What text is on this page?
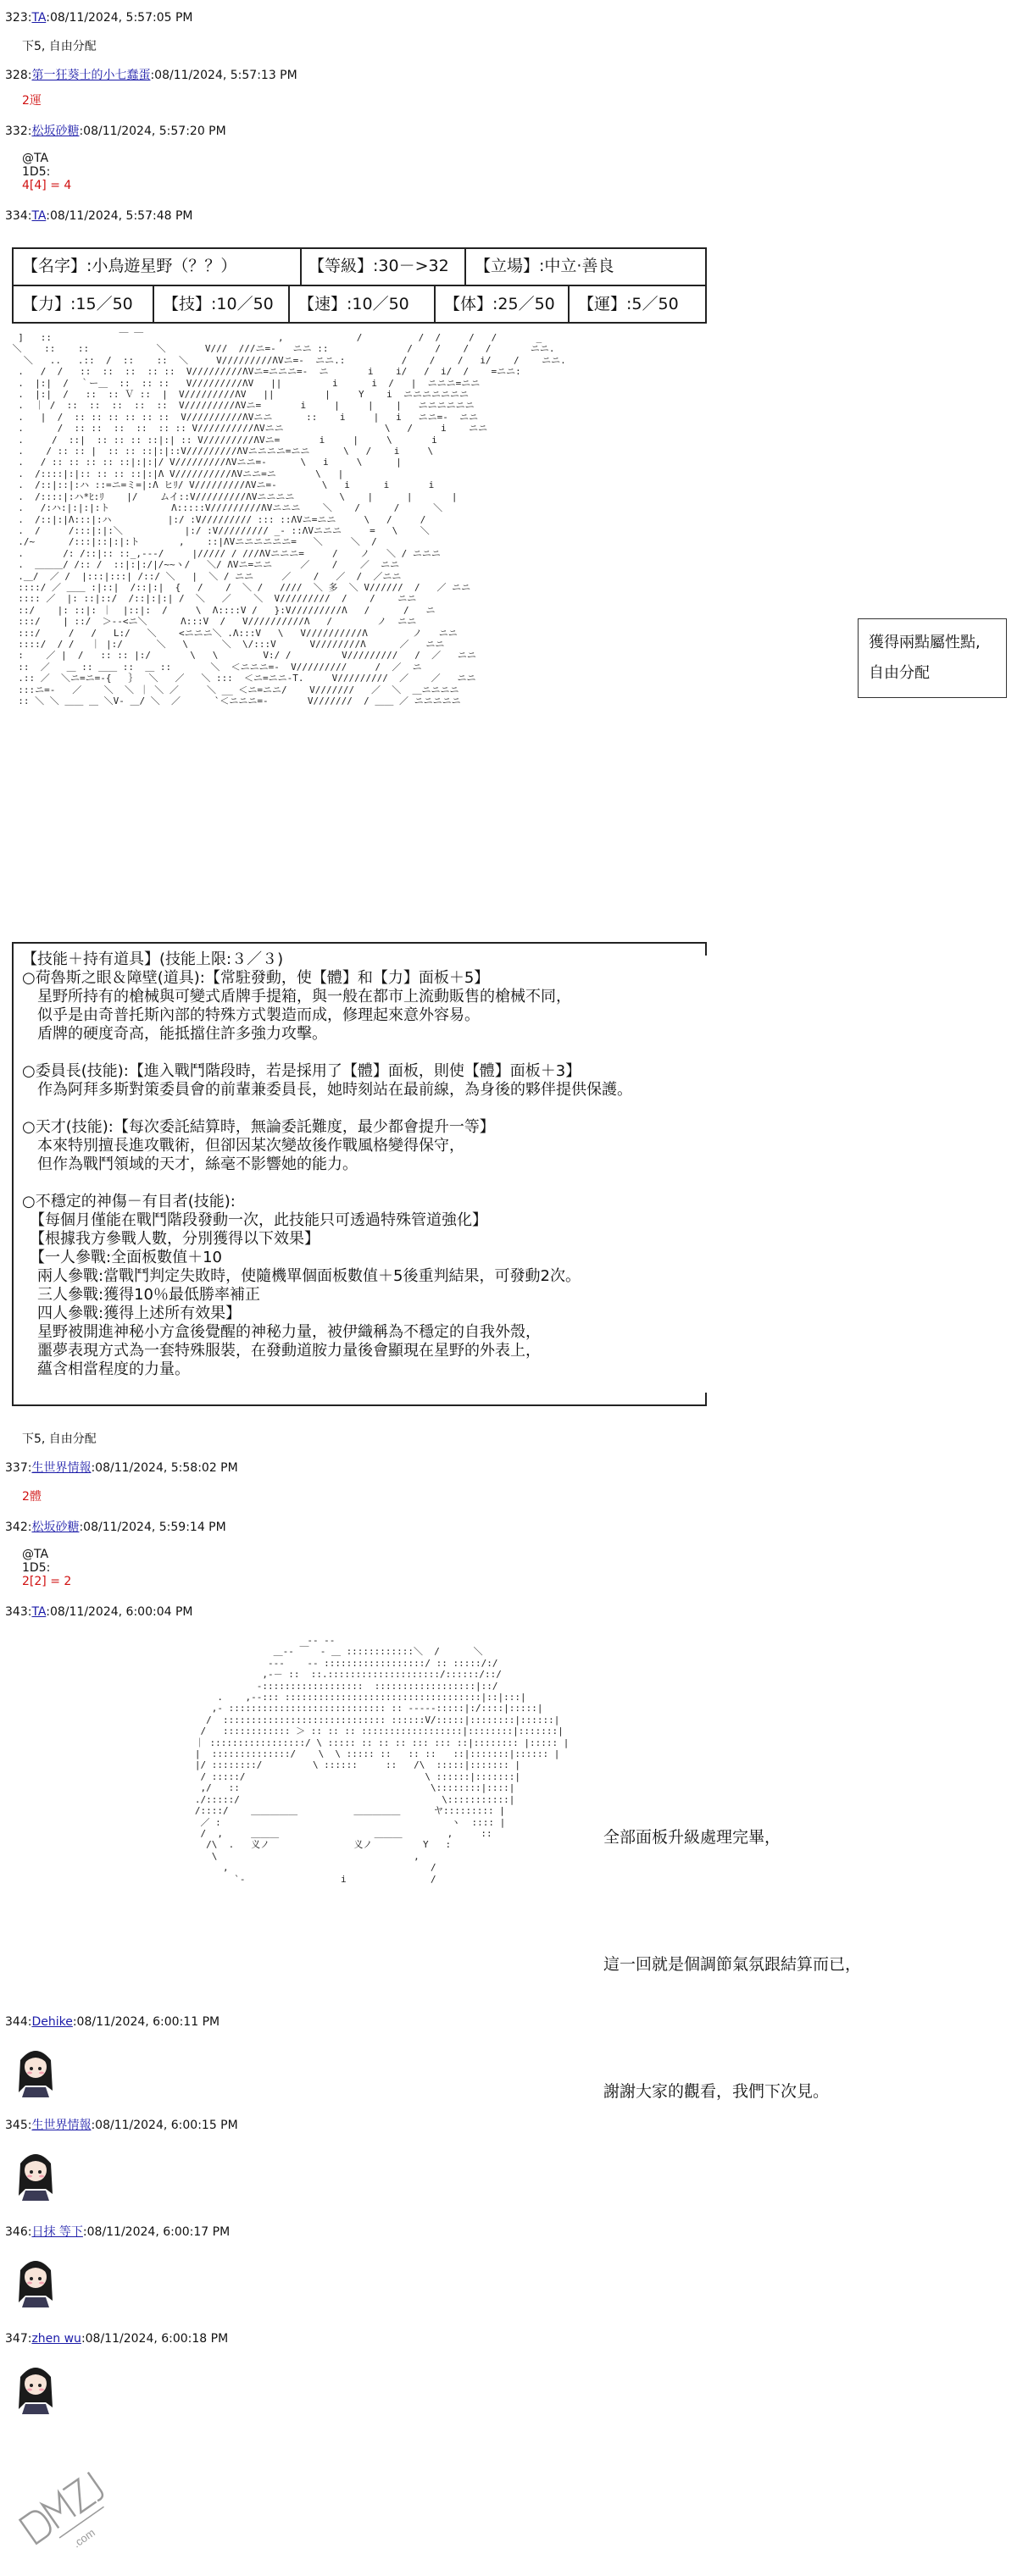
323:TA:08/11/2024, 5:57:05 PM
下5, 自由分配
328:第一狂葵士的小七蠢蛋:08/11/2024, 5:57:13 PM
2運
332:松坂砂糖:08/11/2024, 5:57:20 PM
@TA
1D5:
4[4] = 4
334:TA:08/11/2024, 5:57:48 PM
【名字】:小鳥遊星野（？？）	【等級】:30－>32 【立場】:中立‧善良
【力】:15／50 【技】:10／50 【速】:10／50 【体】:25／50 【運】:5／50
]   ::            ￣ ￣                        ,             /          /  /     /   /       _
＼    ::    ::            ＼       V///  ///ニ=-   ニニ ::              /    /    /   /       ニニ.
＼   ..   .::  /  ::    ::  ＼     V/////////ΛVニ=-  ニニ.:          /    /    /   i/    /    ニニ.
.   /  /   ::  ::  ::  :: ::  V/////////ΛVニ=ニニニ=-  ニ       i    i/   /  i/  /    =ニニ:
.  |:|  /  ｀ー＿  ::  :: ::   V/////////ΛV   ||         i      i  /   |  ニニニ=ニニ
.  |:|  /   ::  :: Ｖ ::  |  V/////////ΛV   ||         |     Y    i  ニニニニニニニ
.  ｜ /  ::  ::  ::  ::  ::  V/////////ΛVニ=       i     |     |    |   ニニニニニニ
.   |  /  :: :: :: :: :: ::  V//////////ΛVニニ      ::    i     |   i   ニニ=-  ニニ
.      /  :: ::  ::  ::  :: :: V//////////ΛVニニ                  \   /     i    ニニ
.     /  ::|  :: :: :: ::|:| :: V/////////ΛVニ=       i     |     \       i
.    / :: :: |  :: :: ::|:|::V/////////ΛVニニニニ=ニニ      \   /    i     \
.   / :: :: :: :: ::|:|:|/ V/////////ΛVニニ=-      \   i     \      |
.  /::::|:|:: :: :: ::|:|Λ V//////////ΛVニニ=ニ       \   |
.  /::|::|:ハ ::=ニ=ミ=|:Λ ヒﾘ/ V/////////ΛVニ=-        \   i      i       i
.  /::::|:ハ*ﾋ:ﾘ    |/    ムイ::V/////////ΛVニニニニ        \    |      |       |
.   /:ハ:|:|:|:ト           Λ:::::V/////////ΛVニニニ    ＼    /      /      ＼
.  /::|:|Λ:::|:ハ          |:/ :V///////// ::: ::ΛVニ=ニニ     \   /     /
.  /     /:::|:|:＼           |:/ :V///////// _- ::ΛVニニニ     =   \    ＼
./~      /:::|::|:|:ト       ,    ::|ΛVニニニニニニ=   ＼     ＼  /
.       /: /::|:: ::_,-‐‐/     |///// / ///ΛVニニニ=     /    ノ   ＼ / ニニニ
.  ＿＿＿/ /:: /  ::|:|:/|/~~ヽ/   ＼/ ΛVニ=ニニ     ／    /    ／  ニニ
.＿/  ／ /  |:::|:::| /::/ ＼   |  ＼ / ニニ     ／    /   ／  /  ／ニニ
::::/ ／ ＿＿ :|::|  /::|:|  {   /    /  ＼ /   ////  ＼ 多  ＼ V//////  /   ／ ニニ
:::: ／  |: ::|::/  /::|:|:| /  ＼   ／    ＼  V/////////  /    /    ニニ
::/    |: ::|: ｜  |::|:  /     \  Λ::::V /   }:V/////////Λ   /      /   ニ
:::/    | ::/  ＞‐‐<ニ＼      Λ:::V  /   V//////////Λ   /        ノ  ニニ
:::/     /   /   L:/   ＼    <ニニニ＼ .Λ:::V   \   V//////////Λ        ノ   ニニ
::::/  / /   ｜ |:/      ＼   \      ＼  \/:::V      V////////Λ      ／   ニニ
:    ／ |  /   :: :: |:/       \   \        V:/ /         V/////////   /  ／   ニニ
::  ／   ＿ :: ＿＿ ::  ＿ ::       ＼  ＜ニニニ=-  V/////////     /  ／  ニ
.:: ／  ＼ニ=ニ=-{   ｝  ＼   ／   ＼ :::  ＜ニ=ニニ-T.     V/////////  ／    ／   ニニ
:::ニ=-   ／    ＼  ＼ ｜ ＼ ／     ＼ __ ＜ニ=ニニ/    V///////   ／  ＼  ＿ニニニニ
:: ＼ ＼ ＿＿ ＿ ＼V‐ ＿/ ＼  ／      `＜ニニニ=-       V///////  / ＿＿ ／ ニニニニニ

獲得兩點屬性點,
自由分配
【技能＋持有道具】(技能上限:３／３)
○荷魯斯之眼＆障壁(道具):【常駐發動，使【體】和【力】面板＋5】
　星野所持有的槍械與可變式盾牌手提箱，與一般在都市上流動販售的槍械不同，
　似乎是由奇普托斯內部的特殊方式製造而成，修理起來意外容易。
　盾牌的硬度奇高，能抵擋住許多強力攻擊。

○委員長(技能):【進入戰鬥階段時，若是採用了【體】面板，則使【體】面板＋3】
　作為阿拜多斯對策委員會的前輩兼委員長，她時刻站在最前線，為身後的夥伴提供保護。

○天才(技能):【每次委託結算時，無論委託難度，最少都會提升一等】
　本來特別擅長進攻戰術，但卻因某次變故後作戰風格變得保守，
　但作為戰鬥領域的天才，絲毫不影響她的能力。

○不穩定的神傷－有目者(技能):
　【每個月僅能在戰鬥階段發動一次，此技能只可透過特殊管道強化】
　【根據我方參戰人數，分別獲得以下效果】
　【一人參戰:全面板數值＋10
　兩人參戰:當戰鬥判定失敗時，使隨機單個面板數值＋5後重判結果，可發動2次。
　三人參戰:獲得10％最低勝率補正
　四人參戰:獲得上述所有效果】
　星野被開進神秘小方盒後覺醒的神秘力量，被伊織稱為不穩定的自我外殼，
　噩夢表現方式為一套特殊服裝，在發動道胺力量後會顯現在星野的外表上，
　蘊含相當程度的力量。
下5, 自由分配
337:生世界情報:08/11/2024, 5:58:02 PM
2體
342:松坂砂糖:08/11/2024, 5:59:14 PM
@TA
1D5:
2[2] = 2
343:TA:08/11/2024, 6:00:04 PM
-- --
＿-‐ ￣  ‐ ＿ ::::::::::::＼  /      ＼
‐‐‐    -‐ ::::::::::::::::::/ :: :::::/:/
,‐－ ::  ::.::::::::::::::::::::/::::::/::/
-::::::::::::::::::  ::::::::::::::::::|::/
.    ,-‐::: :::::::::::::::::::::::::::::::::::|::|:::|
,‐ :::::::::::::::::::::::::::: :: -‐‐‐‐:::::|:/::::|:::::|
/  ::::::::::::::::::::::::::::: ::::::V/:::::|::::::::|::::::|
/   :::::::::::: ＞ :: :: :: ::::::::::::::::::|::::::::|:::::::|
｜ :::::::::::::::::/ \ ::::: :: :: :: ::: ::: ::|:::::::: |::::: |
|  ::::::::::::::/    \  \ ::::: ::   :: ::   ::|:::::::|:::::: |
|/ ::::::::/         \ ::::::     ::   /\  :::::|::::::: |
/ :::::/                                \ ::::::|:::::::|
,/   ::                                  \::::::::|::::|
./:::::/                                    \:::::::::::|
/::::/    ＿＿＿＿＿          ＿＿＿＿＿      ヤ::::::::: |
／ :                                         ヽ  :::: |
/  ,     ＿＿＿                 ＿＿＿        ,     ::
/\  .   义ノ               义ノ         Y   :
\                                   ,
,                                    /
`-                 i               /

全部面板升級處理完畢，

這一回就是個調節氣氛跟結算而已，

謝謝大家的觀看，我們下次見。

344:Dehike:08/11/2024, 6:00:11 PM
345:生世界情報:08/11/2024, 6:00:15 PM
346:日抹 等下:08/11/2024, 6:00:17 PM
347:zhen wu:08/11/2024, 6:00:18 PM
.com
